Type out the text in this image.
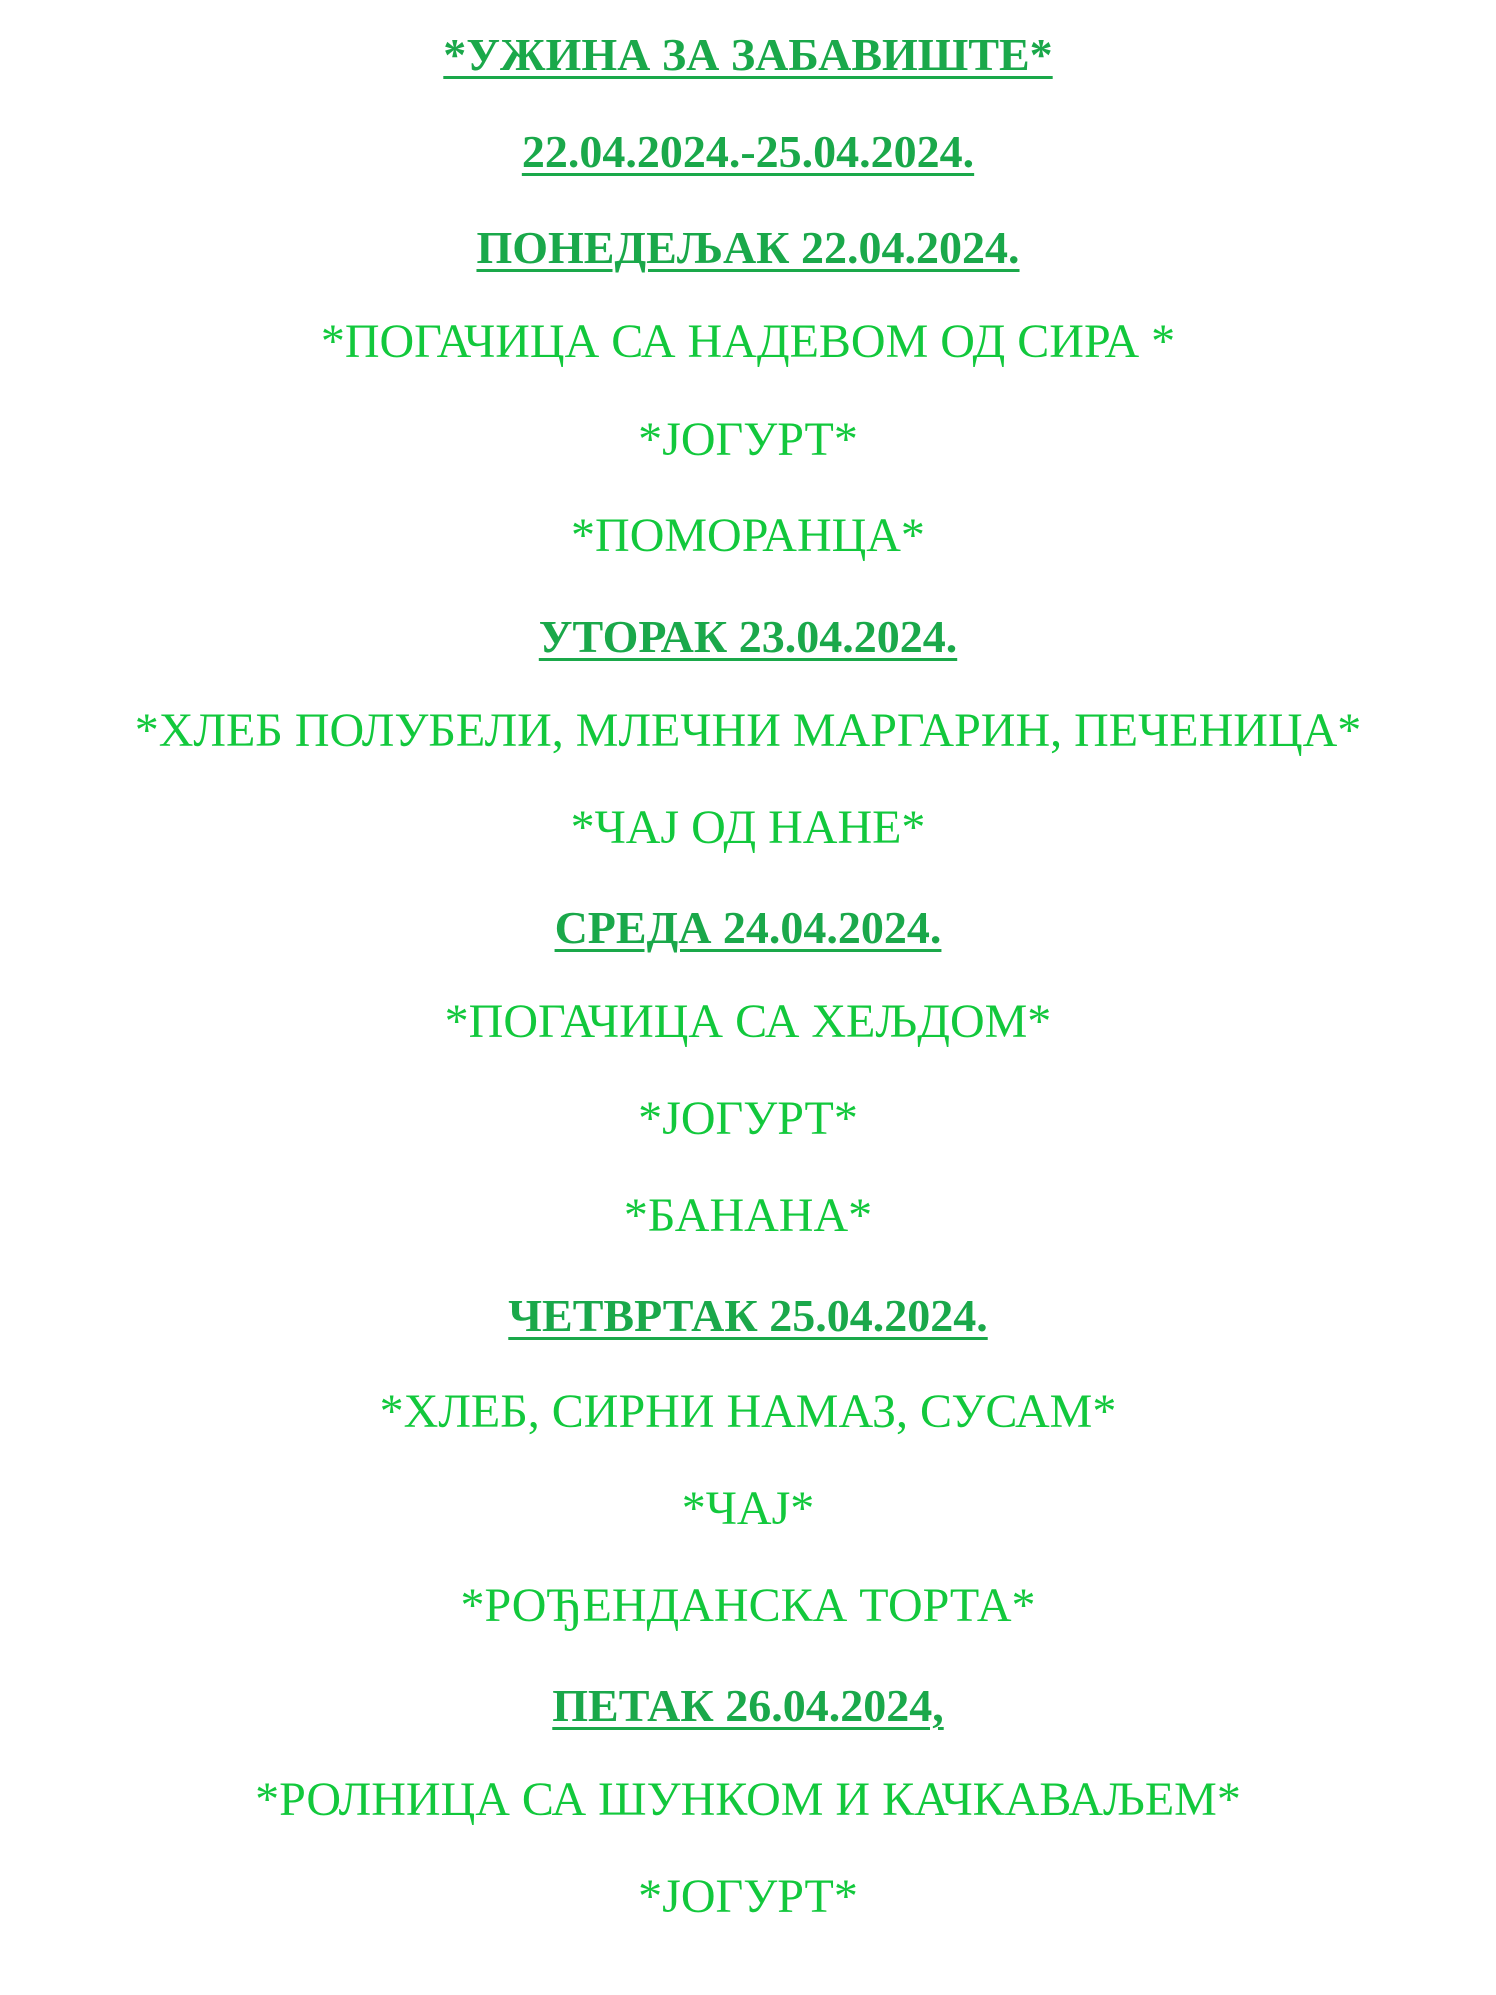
*УЖИНА ЗА ЗАБАВИШТЕ*
22.04.2024.-25.04.2024.
ПОНЕДЕЉАК 22.04.2024.
*ПОГАЧИЦА СА НАДЕВОМ ОД СИРА *
*ЈОГУРТ*
*ПОМОРАНЦА*
УТОРАК 23.04.2024.
*ХЛЕБ ПОЛУБЕЛИ, МЛЕЧНИ МАРГАРИН, ПЕЧЕНИЦА*
*ЧАЈ ОД НАНЕ*
СРЕДА 24.04.2024.
*ПОГАЧИЦА СА ХЕЉДОМ*
*ЈОГУРТ*
*БАНАНА*
ЧЕТВРТАК 25.04.2024.
*ХЛЕБ, СИРНИ НАМАЗ, СУСАМ*
*ЧАЈ*
*РОЂЕНДАНСКА ТОРТА*
ПЕТАК 26.04.2024,
*РОЛНИЦА СА ШУНКОМ И КАЧКАВАЉЕМ*
*ЈОГУРТ*
